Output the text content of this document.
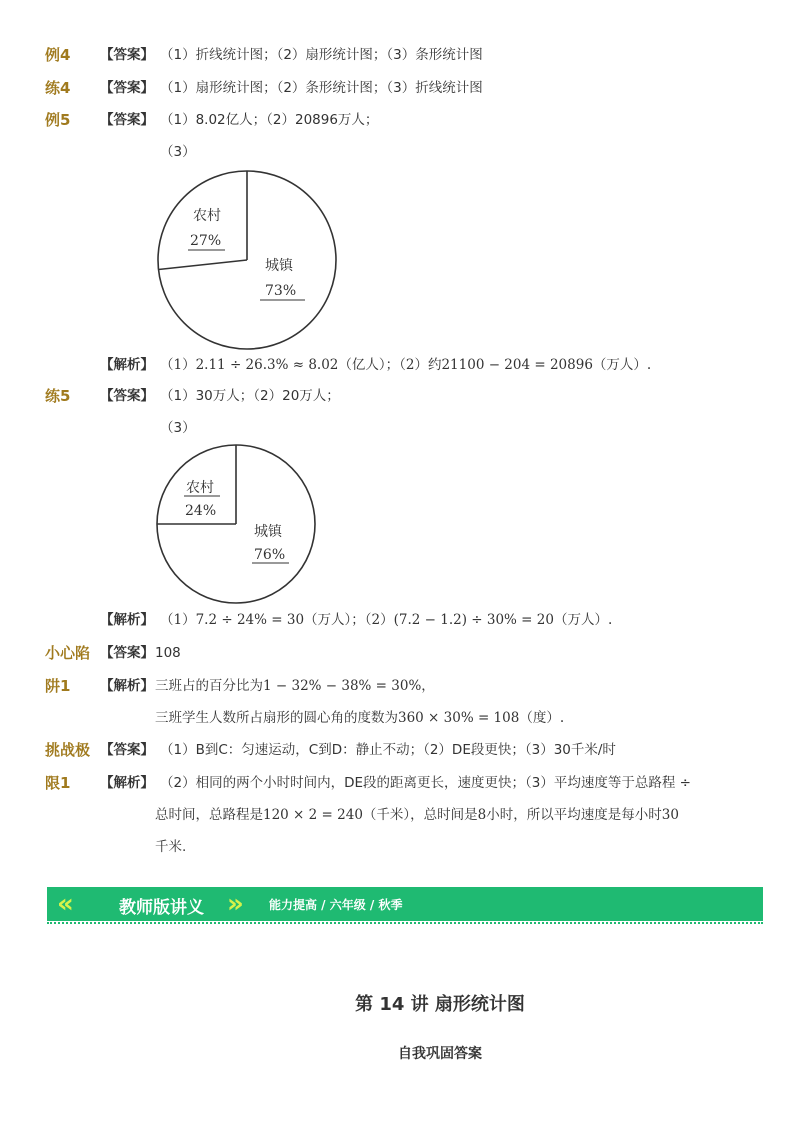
例4 【答案】 （1）折线统计图；（2）扇形统计图；（3）条形统计图
练4 【答案】 （1）扇形统计图；（2）条形统计图；（3）折线统计图
例5 【答案】 （1）8.02亿人；（2）20896万人；
（3）
农村
27%
城镇
73%
【解析】 （1）2.11 ÷ 26.3% ≈ 8.02（亿人）；（2）约21100 − 204 = 20896（万人）.
练5 【答案】 （1）30万人；（2）20万人；
（3）
农村
24%
城镇
76%
【解析】 （1）7.2 ÷ 24% = 30（万人）；（2）(7.2 − 1.2) ÷ 30% = 20（万人）.
小心陷 【答案】 108
阱1 【解析】 三班占的百分比为1 − 32% − 38% = 30%，
三班学生人数所占扇形的圆心角的度数为360 × 30% = 108（度）.
挑战极 【答案】 （1）B到C：匀速运动，C到D：静止不动；（2）DE段更快；（3）30千米/时
限1 【解析】 （2）相同的两个小时时间内，DE段的距离更长，速度更快；（3）平均速度等于总路程 ÷
总时间，总路程是120 × 2 = 240（千米），总时间是8小时，所以平均速度是每小时30
千米.
«	教师版讲义 » 能力提高 / 六年级 / 秋季
第 14 讲 扇形统计图
自我巩固答案
